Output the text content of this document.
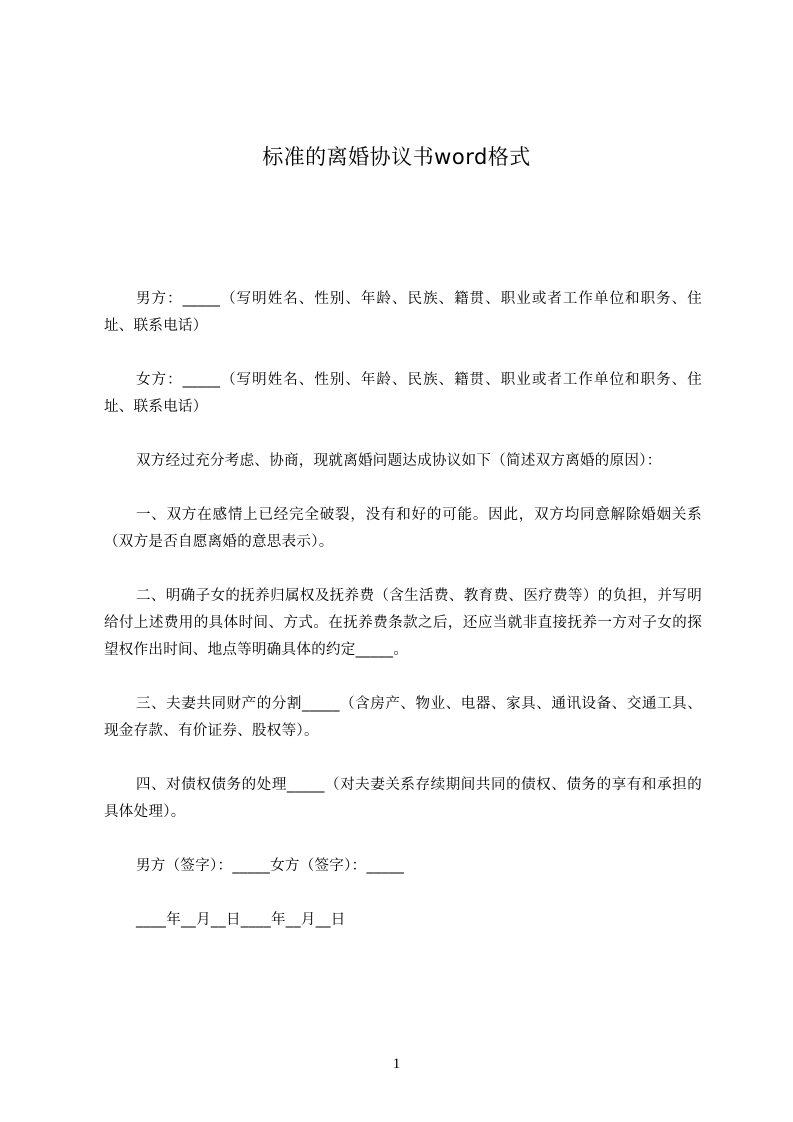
标准的离婚协议书word格式

男方：_____（写明姓名、性别、年龄、民族、籍贯、职业或者工作单位和职务、住址、联系电话）

女方：_____（写明姓名、性别、年龄、民族、籍贯、职业或者工作单位和职务、住址、联系电话）

双方经过充分考虑、协商，现就离婚问题达成协议如下（简述双方离婚的原因）：

一、双方在感情上已经完全破裂，没有和好的可能。因此，双方均同意解除婚姻关系（双方是否自愿离婚的意思表示）。

二、明确子女的抚养归属权及抚养费（含生活费、教育费、医疗费等）的负担，并写明给付上述费用的具体时间、方式。在抚养费条款之后，还应当就非直接抚养一方对子女的探望权作出时间、地点等明确具体的约定_____。

三、夫妻共同财产的分割_____（含房产、物业、电器、家具、通讯设备、交通工具、现金存款、有价证券、股权等）。

四、对债权债务的处理_____（对夫妻关系存续期间共同的债权、债务的享有和承担的具体处理）。

男方（签字）：_____女方（签字）：_____

____年__月__日____年__月__日

1
